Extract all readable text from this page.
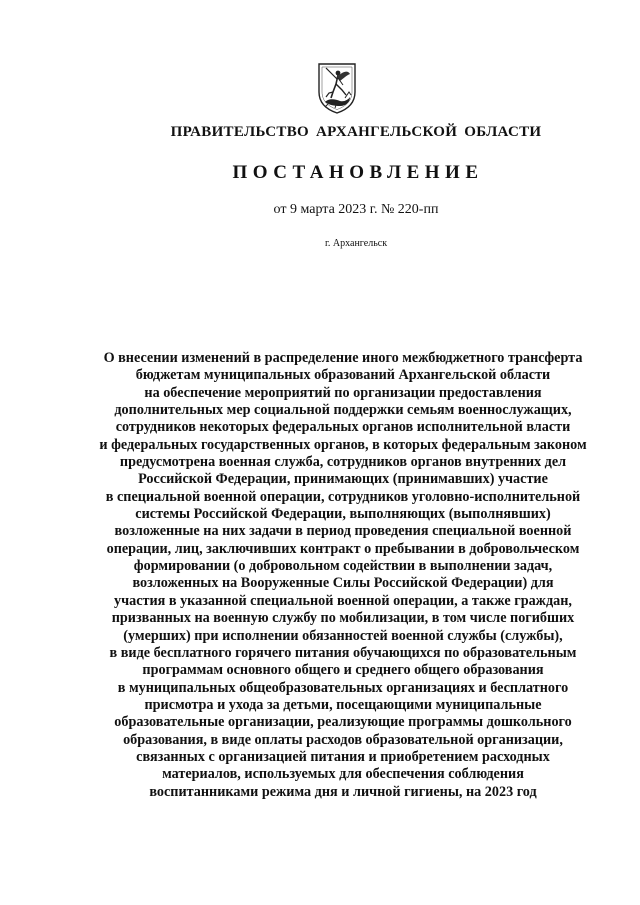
ПРАВИТЕЛЬСТВО АРХАНГЕЛЬСКОЙ ОБЛАСТИ
ПОСТАНОВЛЕНИЕ
от 9 марта 2023 г. № 220-пп
г. Архангельск
О внесении изменений в распределение иного межбюджетного трансферта
бюджетам муниципальных образований Архангельской области
на обеспечение мероприятий по организации предоставления
дополнительных мер социальной поддержки семьям военнослужащих,
сотрудников некоторых федеральных органов исполнительной власти
и федеральных государственных органов, в которых федеральным законом
предусмотрена военная служба, сотрудников органов внутренних дел
Российской Федерации, принимающих (принимавших) участие
в специальной военной операции, сотрудников уголовно-исполнительной
системы Российской Федерации, выполняющих (выполнявших)
возложенные на них задачи в период проведения специальной военной
операции, лиц, заключивших контракт о пребывании в добровольческом
формировании (о добровольном содействии в выполнении задач,
возложенных на Вооруженные Силы Российской Федерации) для
участия в указанной специальной военной операции, а также граждан,
призванных на военную службу по мобилизации, в том числе погибших
(умерших) при исполнении обязанностей военной службы (службы),
в виде бесплатного горячего питания обучающихся по образовательным
программам основного общего и среднего общего образования
в муниципальных общеобразовательных организациях и бесплатного
присмотра и ухода за детьми, посещающими муниципальные
образовательные организации, реализующие программы дошкольного
образования, в виде оплаты расходов образовательной организации,
связанных с организацией питания и приобретением расходных
материалов, используемых для обеспечения соблюдения
воспитанниками режима дня и личной гигиены, на 2023 год
